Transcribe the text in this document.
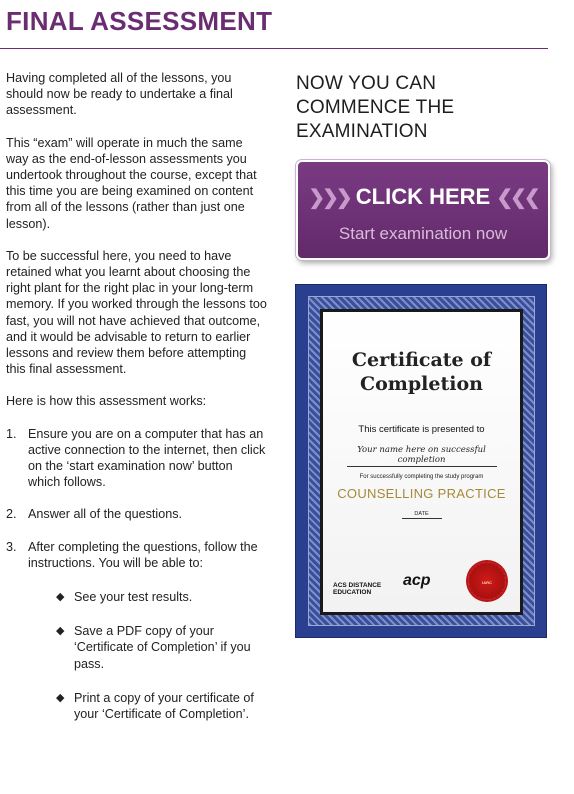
FINAL ASSESSMENT

Having completed all of the lessons, you should now be ready to undertake a final assessment.

This “exam” will operate in much the same way as the end-of-lesson assessments you undertook throughout the course, except that this time you are being examined on content from all of the lessons (rather than just one lesson).

To be successful here, you need to have retained what you learnt about choosing the right plant for the right plac in your long-term memory. If you worked through the lessons too fast, you will not have achieved that outcome, and it would be advisable to return to earlier lessons and review them before attempting this final assessment.

Here is how this assessment works:

1. Ensure you are on a computer that has an active connection to the internet, then click on the ‘start examination now’ button which follows.
2. Answer all of the questions.
3. After completing the questions, follow the instructions. You will be able to:
◆ See your test results.
◆ Save a PDF copy of your ‘Certificate of Completion’ if you pass.
◆ Print a copy of your certificate of your ‘Certificate of Completion’.
NOW YOU CAN COMMENCE THE EXAMINATION
❯❯❯ CLICK HERE ❮❮❮
Start examination now
Certificate of
Completion
This certificate is presented to
Your name here on successful completion
For successfully completing the study program
COUNSELLING PRACTICE
DATE
ACS DISTANCE
EDUCATION
acp	IARC
